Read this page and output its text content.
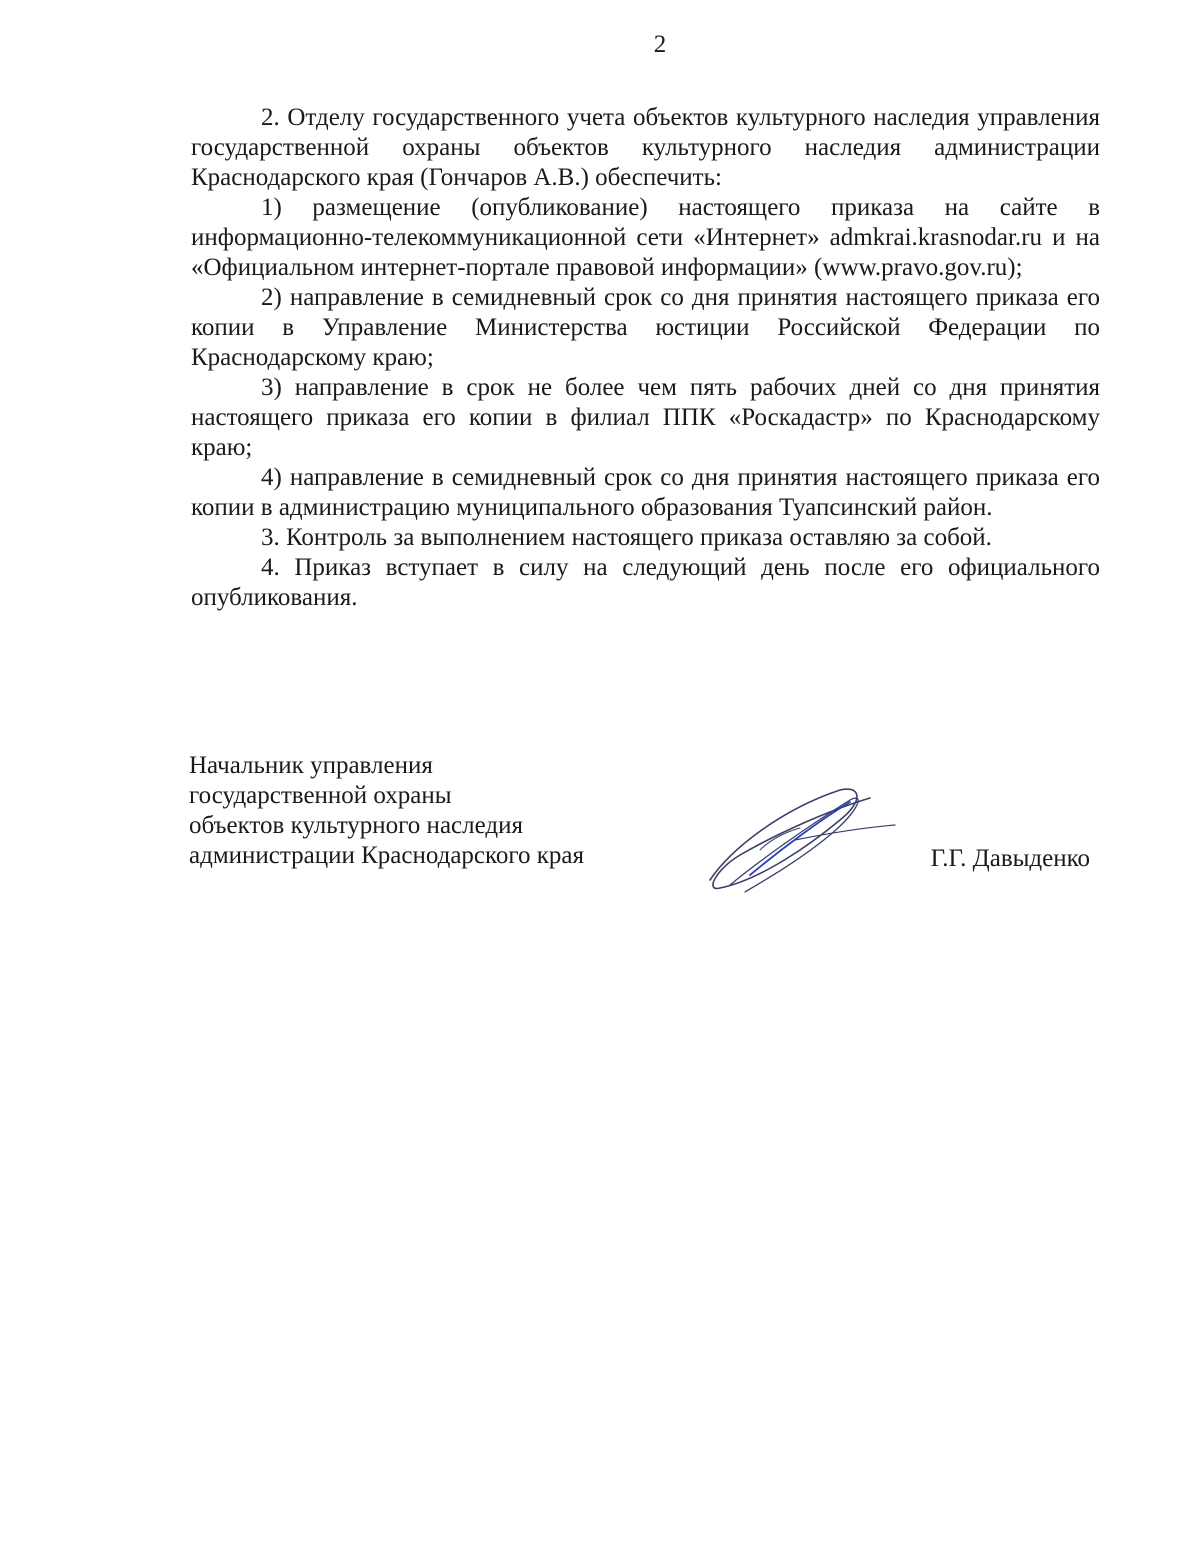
2

2. Отделу государственного учета объектов культурного наследия управления государственной охраны объектов культурного наследия администрации Краснодарского края (Гончаров А.В.) обеспечить:

1) размещение (опубликование) настоящего приказа на сайте в информационно-телекоммуникационной сети «Интернет» admkrai.krasnodar.ru и на «Официальном интернет-портале правовой информации» (www.pravo.gov.ru);

2) направление в семидневный срок со дня принятия настоящего приказа его копии в Управление Министерства юстиции Российской Федерации по Краснодарскому краю;

3) направление в срок не более чем пять рабочих дней со дня принятия настоящего приказа его копии в филиал ППК «Роскадастр» по Краснодарскому краю;

4) направление в семидневный срок со дня принятия настоящего приказа его копии в администрацию муниципального образования Туапсинский район.

3. Контроль за выполнением настоящего приказа оставляю за собой.

4. Приказ вступает в силу на следующий день после его официального опубликования.

Начальник управления
государственной охраны
объектов культурного наследия
администрации Краснодарского края	Г.Г. Давыденко
